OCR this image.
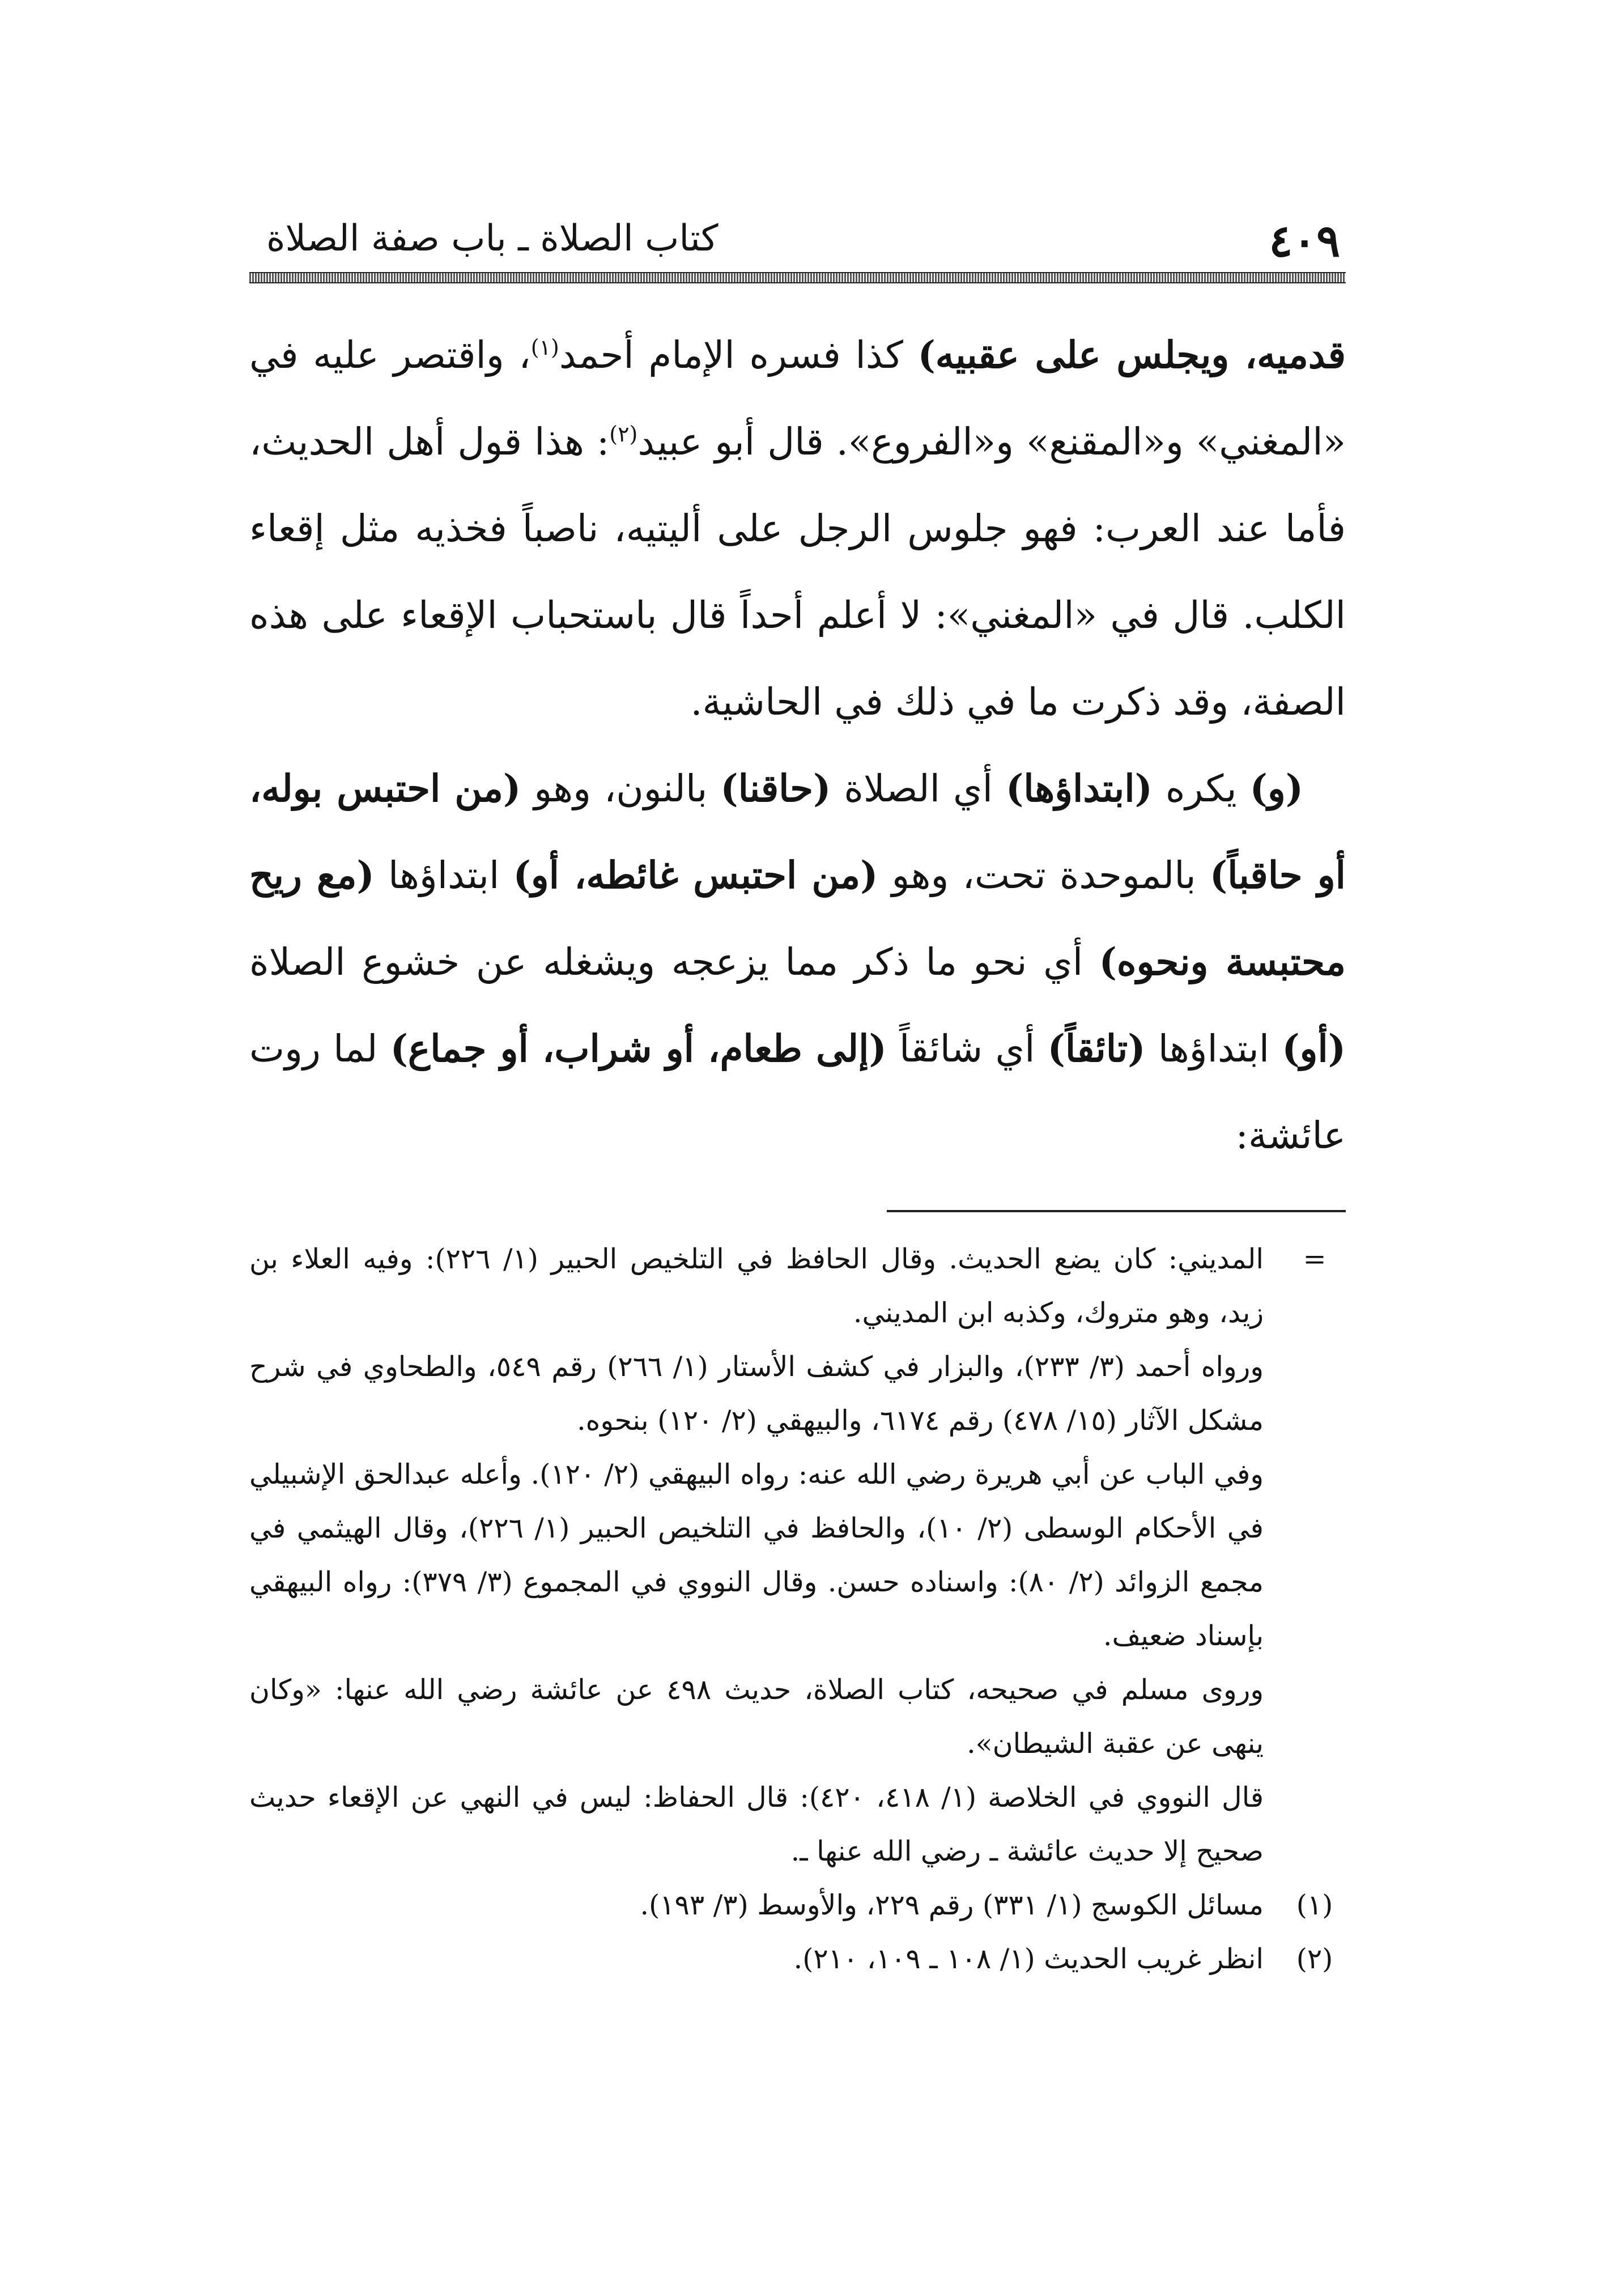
٤٠٩
كتاب الصلاة ـ باب صفة الصلاة

قدميه، ويجلس على عقبيه) كذا فسره الإمام أحمد$^{(١)}$، واقتصر عليه في «المغني» و«المقنع» و«الفروع». قال أبو عبيد$^{(٢)}$: هذا قول أهل الحديث، فأما عند العرب: فهو جلوس الرجل على أليتيه، ناصباً فخذيه مثل إقعاء الكلب. قال في «المغني»: لا أعلم أحداً قال باستحباب الإقعاء على هذه الصفة، وقد ذكرت ما في ذلك في الحاشية.

(و) يكره (ابتداؤها) أي الصلاة (حاقنا) بالنون، وهو (من احتبس بوله، أو حاقباً) بالموحدة تحت، وهو (من احتبس غائطه، أو) ابتداؤها (مع ريح محتبسة ونحوه) أي نحو ما ذكر مما يزعجه ويشغله عن خشوع الصلاة (أو) ابتداؤها (تائقاً) أي شائقاً (إلى طعام، أو شراب، أو جماع) لما روت عائشة:

=
المديني: كان يضع الحديث. وقال الحافظ في التلخيص الحبير (١/ ٢٢٦): وفيه العلاء بن زيد، وهو متروك، وكذبه ابن المديني.
ورواه أحمد (٣/ ٢٣٣)، والبزار في كشف الأستار (١/ ٢٦٦) رقم ٥٤٩، والطحاوي في شرح مشكل الآثار (١٥/ ٤٧٨) رقم ٦١٧٤، والبيهقي (٢/ ١٢٠) بنحوه.
وفي الباب عن أبي هريرة رضي الله عنه: رواه البيهقي (٢/ ١٢٠). وأعله عبدالحق الإشبيلي في الأحكام الوسطى (٢/ ١٠)، والحافظ في التلخيص الحبير (١/ ٢٢٦)، وقال الهيثمي في مجمع الزوائد (٢/ ٨٠): واسناده حسن. وقال النووي في المجموع (٣/ ٣٧٩): رواه البيهقي بإسناد ضعيف.
وروى مسلم في صحيحه، كتاب الصلاة، حديث ٤٩٨ عن عائشة رضي الله عنها: «وكان ينهى عن عقبة الشيطان».
قال النووي في الخلاصة (١/ ٤١٨، ٤٢٠): قال الحفاظ: ليس في النهي عن الإقعاء حديث صحيح إلا حديث عائشة ـ رضي الله عنها ـ.
(١)
مسائل الكوسج (١/ ٣٣١) رقم ٢٢٩، والأوسط (٣/ ١٩٣).
(٢)
انظر غريب الحديث (١/ ١٠٨ ـ ١٠٩، ٢١٠).
